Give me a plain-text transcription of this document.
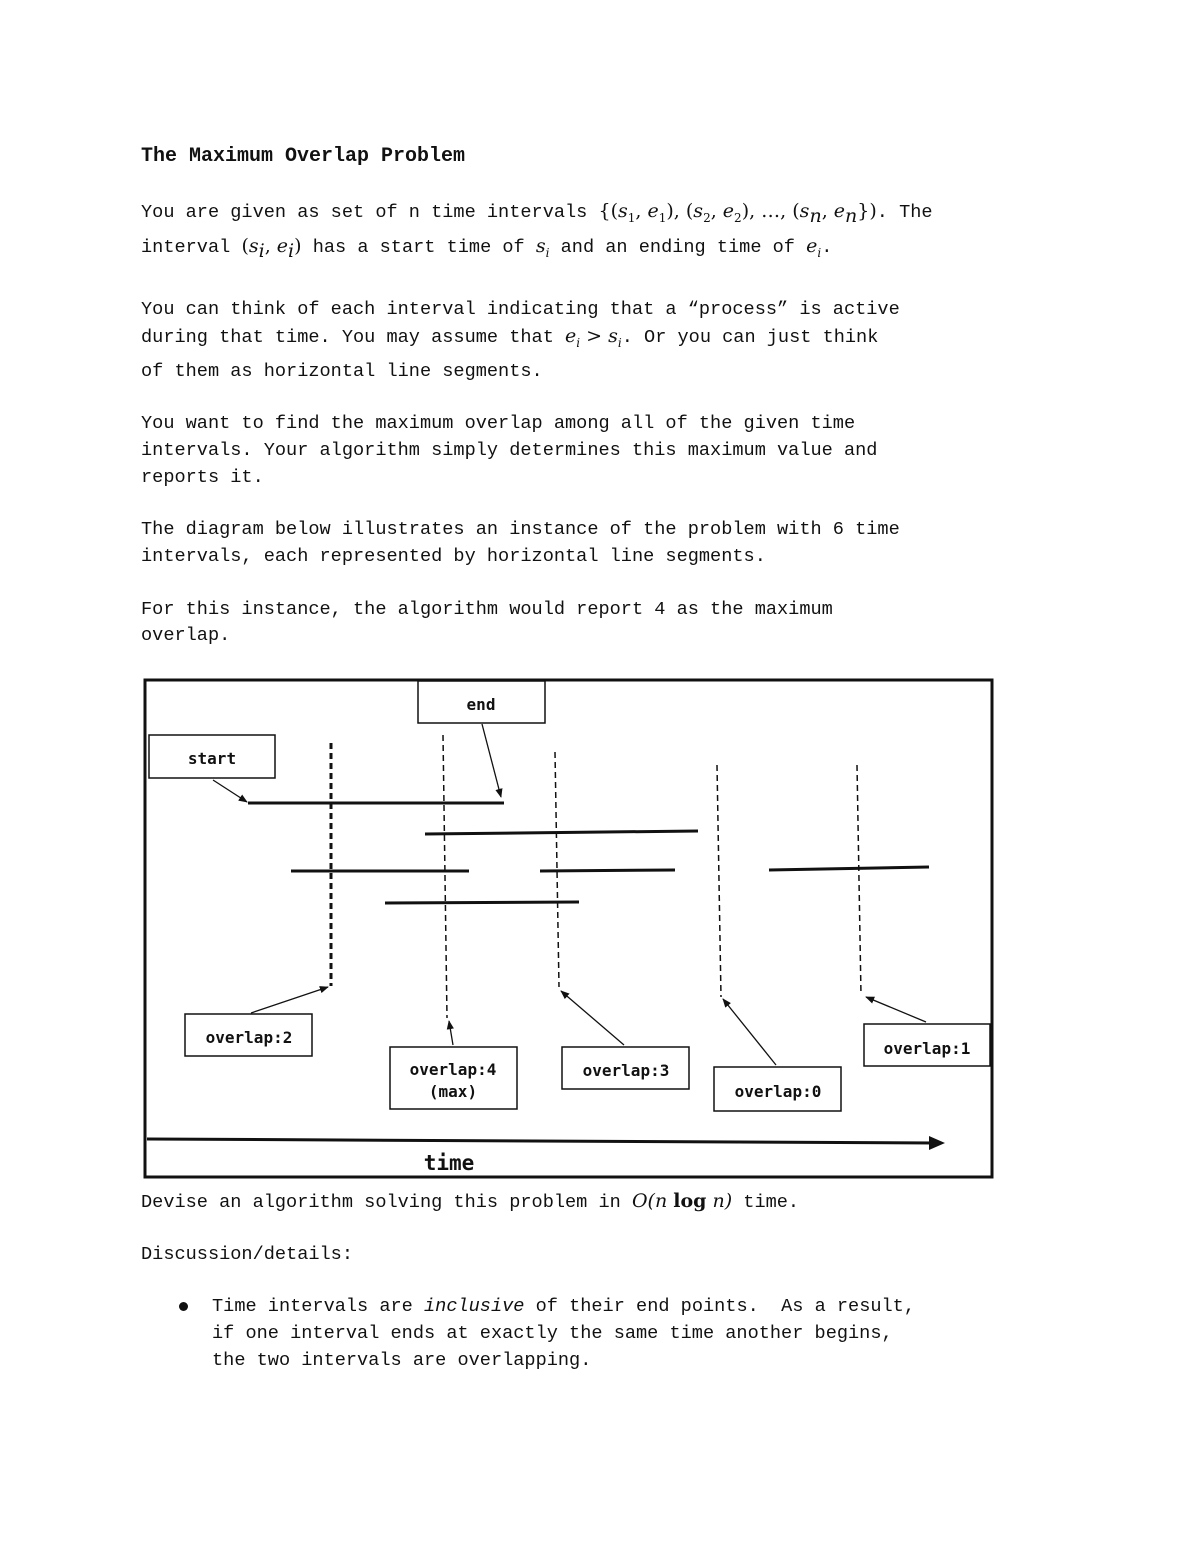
The Maximum Overlap Problem
You are given as set of n time intervals {($s_1$, $e_1$), ($s_2$, $e_2$), …, ($s_n$, $e_n$}). The
interval ($s_i$, $e_i$) has a start time of $s_i$ and an ending time of $e_i$.
You can think of each interval indicating that a “process” is active
during that time. You may assume that $e_i > s_i$. Or you can just think
of them as horizontal line segments.
You want to find the maximum overlap among all of the given time
intervals. Your algorithm simply determines this maximum value and
reports it.
The diagram below illustrates an instance of the problem with 6 time
intervals, each represented by horizontal line segments.
For this instance, the algorithm would report 4 as the maximum
overlap.
start
end
overlap:2
overlap:4
(max)
overlap:3
overlap:0
overlap:1
time
Devise an algorithm solving this problem in O(n log n) time.
Discussion/details:
Time intervals are inclusive of their end points.  As a result,
if one interval ends at exactly the same time another begins,
the two intervals are overlapping.
